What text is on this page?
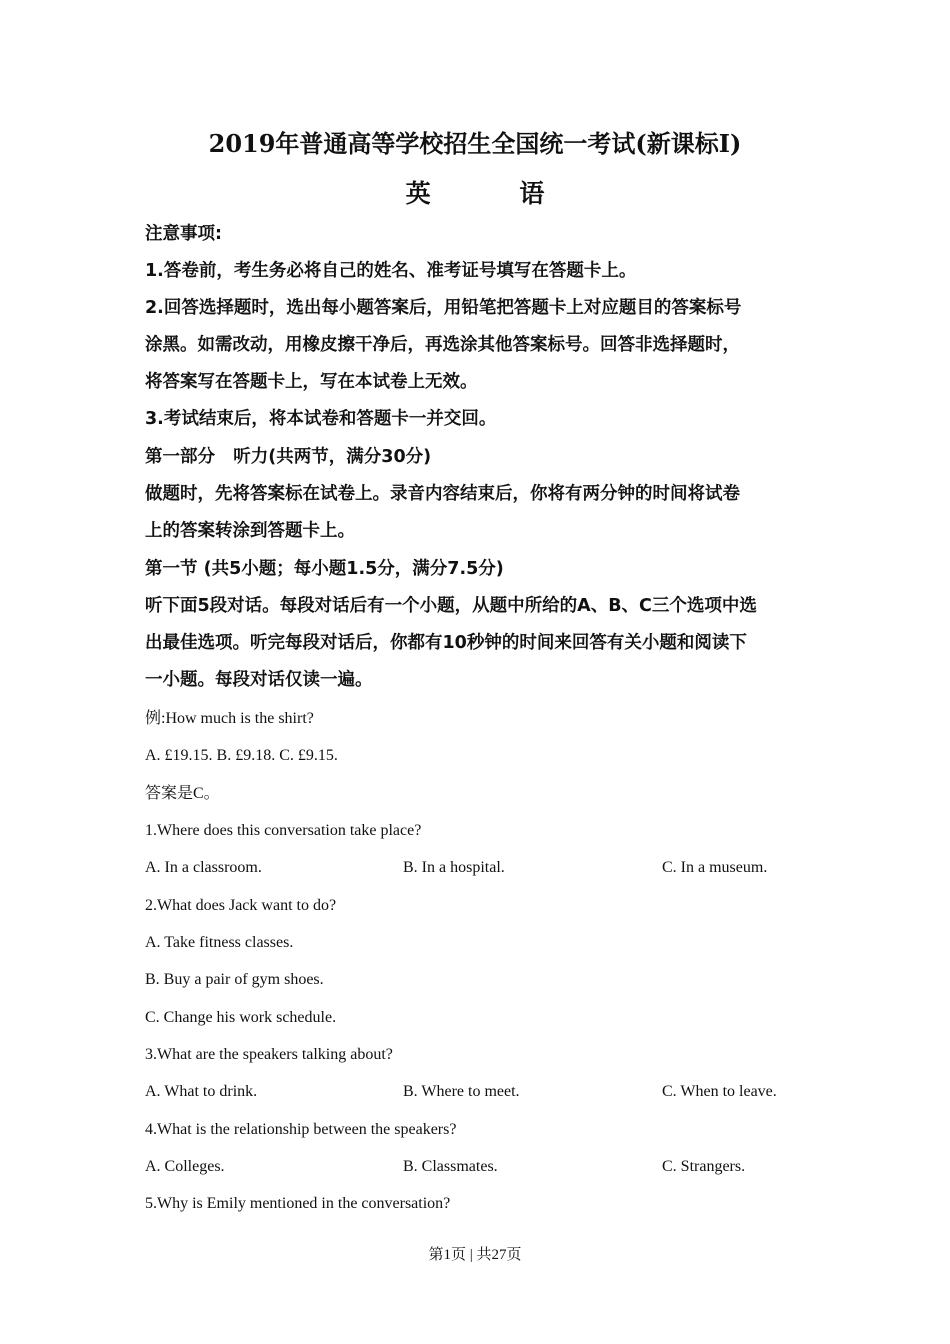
2019年普通高等学校招生全国统一考试(新课标I)
英 语

注意事项:

1.答卷前，考生务必将自己的姓名、准考证号填写在答题卡上。

2.回答选择题时，选出每小题答案后，用铅笔把答题卡上对应题目的答案标号

涂黑。如需改动，用橡皮擦干净后，再选涂其他答案标号。回答非选择题时，

将答案写在答题卡上，写在本试卷上无效。

3.考试结束后，将本试卷和答题卡一并交回。

第一部分   听力(共两节，满分30分)

做题时，先将答案标在试卷上。录音内容结束后，你将有两分钟的时间将试卷

上的答案转涂到答题卡上。

第一节 (共5小题；每小题1.5分，满分7.5分)

听下面5段对话。每段对话后有一个小题，从题中所给的A、B、C三个选项中选

出最佳选项。听完每段对话后，你都有10秒钟的时间来回答有关小题和阅读下

一小题。每段对话仅读一遍。

例:How much is the shirt?

A. £19.15. B. £9.18. C. £9.15.

答案是C。

1.Where does this conversation take place?

A. In a classroom.	B. In a hospital.	C. In a museum.

2.What does Jack want to do?

A. Take fitness classes.

B. Buy a pair of gym shoes.

C. Change his work schedule.

3.What are the speakers talking about?

A. What to drink.	B. Where to meet.	C. When to leave.

4.What is the relationship between the speakers?

A. Colleges.	B. Classmates.	C. Strangers.

5.Why is Emily mentioned in the conversation?

第1页 | 共27页
